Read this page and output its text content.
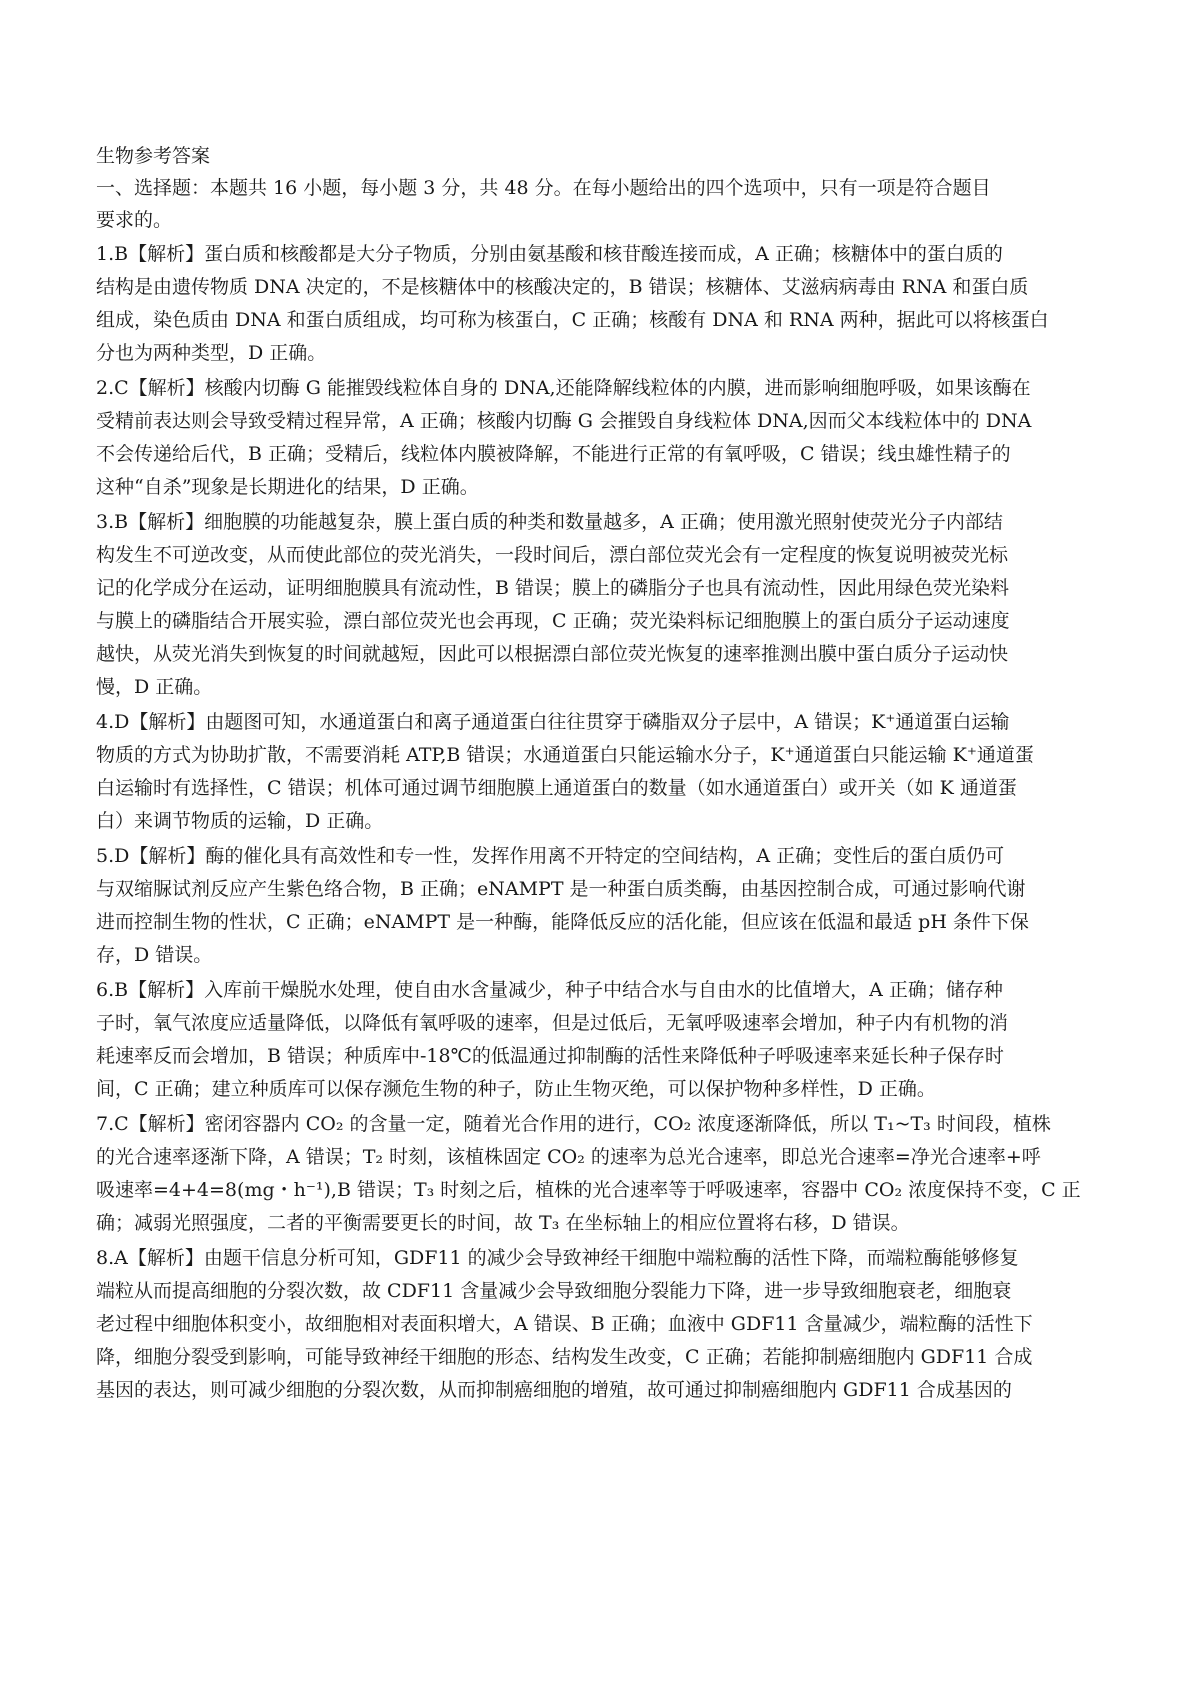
生物参考答案
一、选择题：本题共 16 小题，每小题 3 分，共 48 分。在每小题给出的四个选项中，只有一项是符合题目
要求的。
1.B【解析】蛋白质和核酸都是大分子物质，分别由氨基酸和核苷酸连接而成，A 正确；核糖体中的蛋白质的
结构是由遗传物质 DNA 决定的，不是核糖体中的核酸决定的，B 错误；核糖体、艾滋病病毒由 RNA 和蛋白质
组成，染色质由 DNA 和蛋白质组成，均可称为核蛋白，C 正确；核酸有 DNA 和 RNA 两种，据此可以将核蛋白
分也为两种类型，D 正确。
2.C【解析】核酸内切酶 G 能摧毁线粒体自身的 DNA,还能降解线粒体的内膜，进而影响细胞呼吸，如果该酶在
受精前表达则会导致受精过程异常，A 正确；核酸内切酶 G 会摧毁自身线粒体 DNA,因而父本线粒体中的 DNA
不会传递给后代，B 正确；受精后，线粒体内膜被降解，不能进行正常的有氧呼吸，C 错误；线虫雄性精子的
这种“自杀”现象是长期进化的结果，D 正确。
3.B【解析】细胞膜的功能越复杂，膜上蛋白质的种类和数量越多，A 正确；使用激光照射使荧光分子内部结
构发生不可逆改变，从而使此部位的荧光消失，一段时间后，漂白部位荧光会有一定程度的恢复说明被荧光标
记的化学成分在运动，证明细胞膜具有流动性，B 错误；膜上的磷脂分子也具有流动性，因此用绿色荧光染料
与膜上的磷脂结合开展实验，漂白部位荧光也会再现，C 正确；荧光染料标记细胞膜上的蛋白质分子运动速度
越快，从荧光消失到恢复的时间就越短，因此可以根据漂白部位荧光恢复的速率推测出膜中蛋白质分子运动快
慢，D 正确。
4.D【解析】由题图可知，水通道蛋白和离子通道蛋白往往贯穿于磷脂双分子层中，A 错误；K⁺通道蛋白运输
物质的方式为协助扩散，不需要消耗 ATP,B 错误；水通道蛋白只能运输水分子，K⁺通道蛋白只能运输 K⁺通道蛋
白运输时有选择性，C 错误；机体可通过调节细胞膜上通道蛋白的数量（如水通道蛋白）或开关（如 K 通道蛋
白）来调节物质的运输，D 正确。
5.D【解析】酶的催化具有高效性和专一性，发挥作用离不开特定的空间结构，A 正确；变性后的蛋白质仍可
与双缩脲试剂反应产生紫色络合物，B 正确；eNAMPT 是一种蛋白质类酶，由基因控制合成，可通过影响代谢
进而控制生物的性状，C 正确；eNAMPT 是一种酶，能降低反应的活化能，但应该在低温和最适 pH 条件下保
存，D 错误。
6.B【解析】入库前干燥脱水处理，使自由水含量减少，种子中结合水与自由水的比值增大，A 正确；储存种
子时，氧气浓度应适量降低，以降低有氧呼吸的速率，但是过低后，无氧呼吸速率会增加，种子内有机物的消
耗速率反而会增加，B 错误；种质库中-18℃的低温通过抑制酶的活性来降低种子呼吸速率来延长种子保存时
间，C 正确；建立种质库可以保存濒危生物的种子，防止生物灭绝，可以保护物种多样性，D 正确。
7.C【解析】密闭容器内 CO₂ 的含量一定，随着光合作用的进行，CO₂ 浓度逐渐降低，所以 T₁~T₃ 时间段，植株
的光合速率逐渐下降，A 错误；T₂ 时刻，该植株固定 CO₂ 的速率为总光合速率，即总光合速率=净光合速率+呼
吸速率=4+4=8(mg・h⁻¹),B 错误；T₃ 时刻之后，植株的光合速率等于呼吸速率，容器中 CO₂ 浓度保持不变，C 正
确；减弱光照强度，二者的平衡需要更长的时间，故 T₃ 在坐标轴上的相应位置将右移，D 错误。
8.A【解析】由题干信息分析可知，GDF11 的减少会导致神经干细胞中端粒酶的活性下降，而端粒酶能够修复
端粒从而提高细胞的分裂次数，故 CDF11 含量减少会导致细胞分裂能力下降，进一步导致细胞衰老，细胞衰
老过程中细胞体积变小，故细胞相对表面积增大，A 错误、B 正确；血液中 GDF11 含量减少，端粒酶的活性下
降，细胞分裂受到影响，可能导致神经干细胞的形态、结构发生改变，C 正确；若能抑制癌细胞内 GDF11 合成
基因的表达，则可减少细胞的分裂次数，从而抑制癌细胞的增殖，故可通过抑制癌细胞内 GDF11 合成基因的
